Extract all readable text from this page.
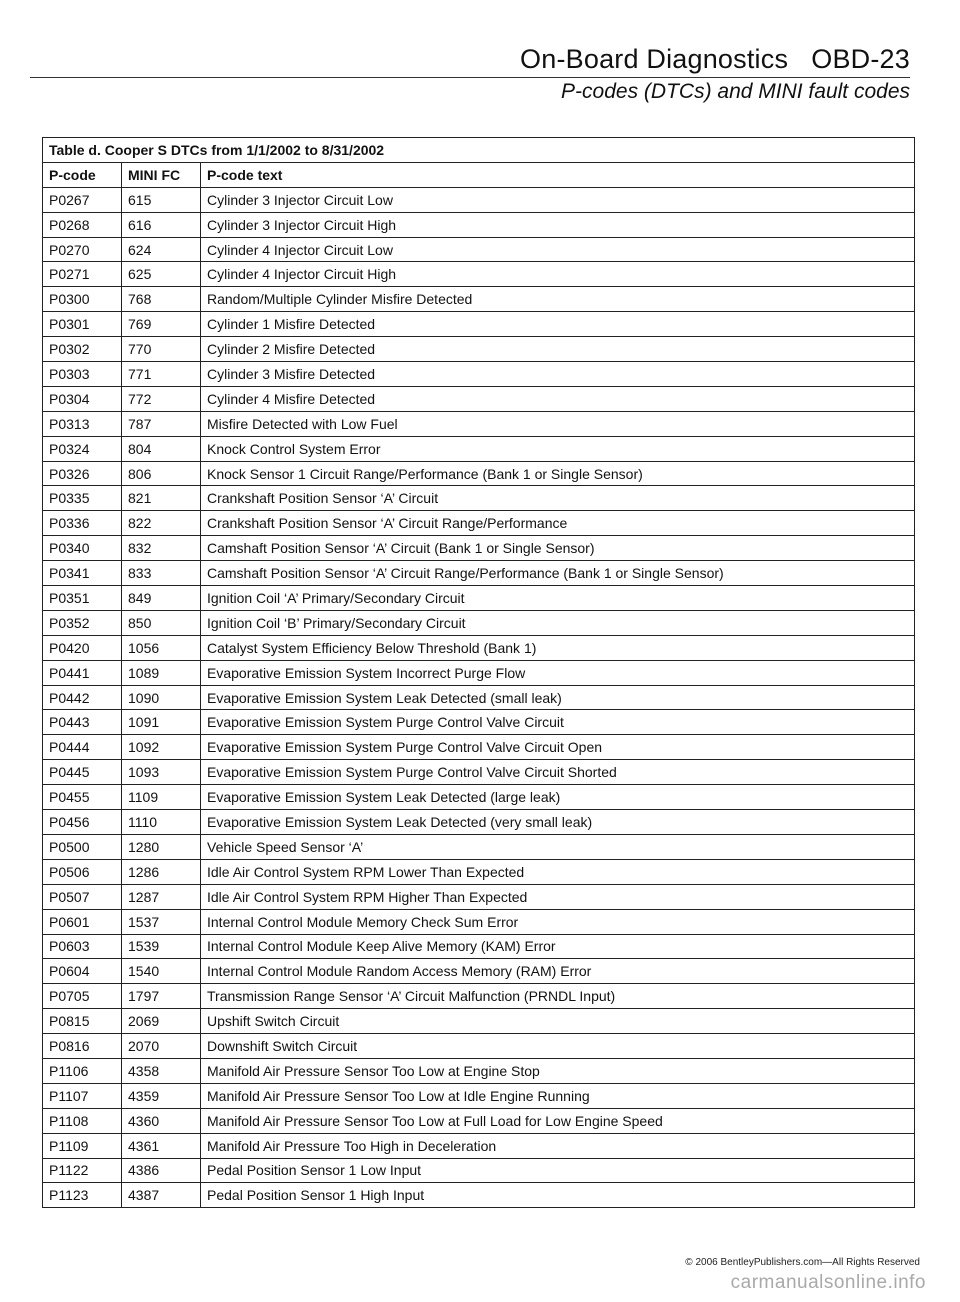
On-Board Diagnostics   OBD-23
P-codes (DTCs) and MINI fault codes
Table d. Cooper S DTCs from 1/1/2002 to 8/31/2002		
P-code	MINI FC	P-code text
P0267	615	Cylinder 3 Injector Circuit Low
P0268	616	Cylinder 3 Injector Circuit High
P0270	624	Cylinder 4 Injector Circuit Low
P0271	625	Cylinder 4 Injector Circuit High
P0300	768	Random/Multiple Cylinder Misfire Detected
P0301	769	Cylinder 1 Misfire Detected
P0302	770	Cylinder 2 Misfire Detected
P0303	771	Cylinder 3 Misfire Detected
P0304	772	Cylinder 4 Misfire Detected
P0313	787	Misfire Detected with Low Fuel
P0324	804	Knock Control System Error
P0326	806	Knock Sensor 1 Circuit Range/Performance (Bank 1 or Single Sensor)
P0335	821	Crankshaft Position Sensor ‘A’ Circuit
P0336	822	Crankshaft Position Sensor ‘A’ Circuit Range/Performance
P0340	832	Camshaft Position Sensor ‘A’ Circuit (Bank 1 or Single Sensor)
P0341	833	Camshaft Position Sensor ‘A’ Circuit Range/Performance (Bank 1 or Single Sensor)
P0351	849	Ignition Coil ‘A’ Primary/Secondary Circuit
P0352	850	Ignition Coil ‘B’ Primary/Secondary Circuit
P0420	1056	Catalyst System Efficiency Below Threshold (Bank 1)
P0441	1089	Evaporative Emission System Incorrect Purge Flow
P0442	1090	Evaporative Emission System Leak Detected (small leak)
P0443	1091	Evaporative Emission System Purge Control Valve Circuit
P0444	1092	Evaporative Emission System Purge Control Valve Circuit Open
P0445	1093	Evaporative Emission System Purge Control Valve Circuit Shorted
P0455	1109	Evaporative Emission System Leak Detected (large leak)
P0456	1110	Evaporative Emission System Leak Detected (very small leak)
P0500	1280	Vehicle Speed Sensor ‘A’
P0506	1286	Idle Air Control System RPM Lower Than Expected
P0507	1287	Idle Air Control System RPM Higher Than Expected
P0601	1537	Internal Control Module Memory Check Sum Error
P0603	1539	Internal Control Module Keep Alive Memory (KAM) Error
P0604	1540	Internal Control Module Random Access Memory (RAM) Error
P0705	1797	Transmission Range Sensor ‘A’ Circuit Malfunction (PRNDL Input)
P0815	2069	Upshift Switch Circuit
P0816	2070	Downshift Switch Circuit
P1106	4358	Manifold Air Pressure Sensor Too Low at Engine Stop
P1107	4359	Manifold Air Pressure Sensor Too Low at Idle Engine Running
P1108	4360	Manifold Air Pressure Sensor Too Low at Full Load for Low Engine Speed
P1109	4361	Manifold Air Pressure Too High in Deceleration
P1122	4386	Pedal Position Sensor 1 Low Input
P1123	4387	Pedal Position Sensor 1 High Input
© 2006 BentleyPublishers.com—All Rights Reserved
carmanualsonline.info
